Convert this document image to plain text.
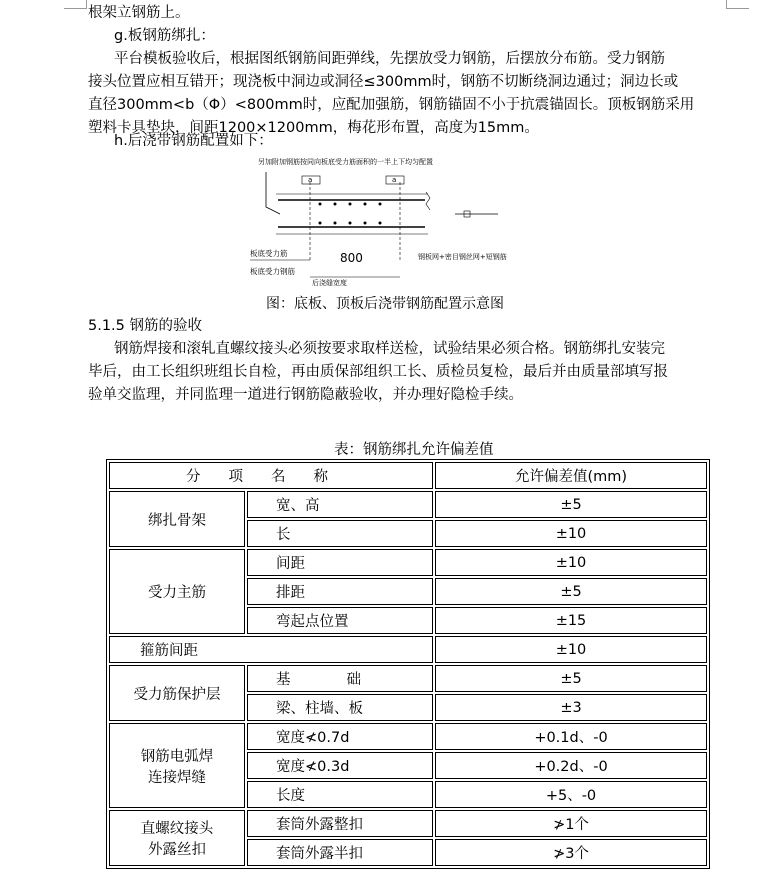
根架立钢筋上。
g.板钢筋绑扎：
平台模板验收后，根据图纸钢筋间距弹线，先摆放受力钢筋，后摆放分布筋。受力钢筋
接头位置应相互错开；现浇板中洞边或洞径≤300mm时，钢筋不切断绕洞边通过；洞边长或
直径300mm<b（Φ）<800mm时，应配加强筋，钢筋锚固不小于抗震锚固长。顶板钢筋采用
塑料卡具垫块，间距1200×1200mm，梅花形布置，高度为15mm。
h.后浇带钢筋配置如下：
另加附加钢筋按同向板底受力筋面积的一半上下均匀配置
a	a
板底受力筋	800	钢板网+密目钢丝网+短钢筋
板底受力钢筋
后浇缝宽度
图：底板、顶板后浇带钢筋配置示意图
5.1.5 钢筋的验收
钢筋焊接和滚轧直螺纹接头必须按要求取样送检，试验结果必须合格。钢筋绑扎安装完
毕后，由工长组织班组长自检，再由质保部组织工长、质检员复检，最后并由质量部填写报
验单交监理，并同监理一道进行钢筋隐蔽验收，并办理好隐检手续。
表：钢筋绑扎允许偏差值
分项名称		允许偏差值(mm)
绑扎骨架	宽、高	±5
	长	±10
受力主筋	间距	±10
	排距	±5
	弯起点位置	±15
箍筋间距		±10
受力筋保护层	基础	±5
	梁、柱墙、板	±3
钢筋电弧焊
连接焊缝	宽度≮0.7d	+0.1d、-0
	宽度≮0.3d	+0.2d、-0
	长度	+5、-0
直螺纹接头
外露丝扣	套筒外露整扣	≯1个
	套筒外露半扣	≯3个
